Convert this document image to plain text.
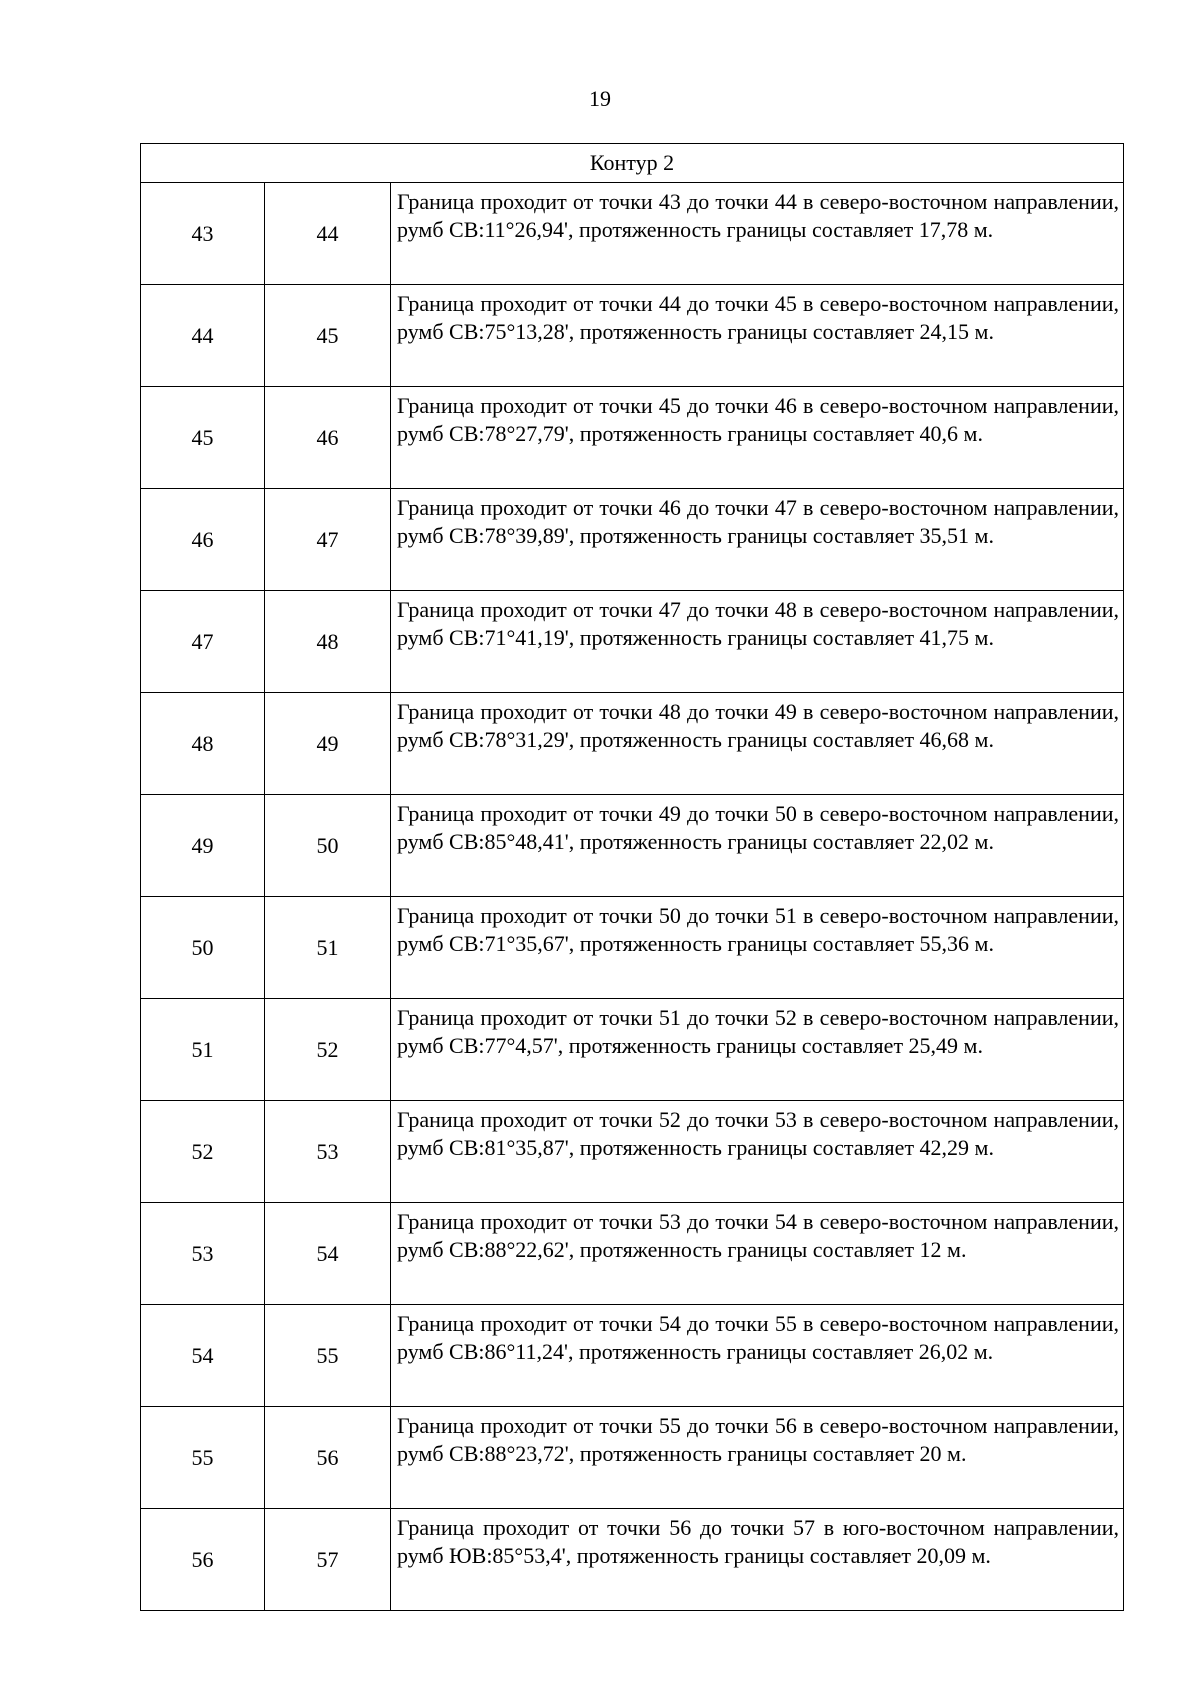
19
Контур 2		
43	44	Граница проходит от точки 43 до точки 44 в северо-восточном направлении, румб СВ:11°26,94', протяженность границы составляет 17,78 м.
44	45	Граница проходит от точки 44 до точки 45 в северо-восточном направлении, румб СВ:75°13,28', протяженность границы составляет 24,15 м.
45	46	Граница проходит от точки 45 до точки 46 в северо-восточном направлении, румб СВ:78°27,79', протяженность границы составляет 40,6 м.
46	47	Граница проходит от точки 46 до точки 47 в северо-восточном направлении, румб СВ:78°39,89', протяженность границы составляет 35,51 м.
47	48	Граница проходит от точки 47 до точки 48 в северо-восточном направлении, румб СВ:71°41,19', протяженность границы составляет 41,75 м.
48	49	Граница проходит от точки 48 до точки 49 в северо-восточном направлении, румб СВ:78°31,29', протяженность границы составляет 46,68 м.
49	50	Граница проходит от точки 49 до точки 50 в северо-восточном направлении, румб СВ:85°48,41', протяженность границы составляет 22,02 м.
50	51	Граница проходит от точки 50 до точки 51 в северо-восточном направлении, румб СВ:71°35,67', протяженность границы составляет 55,36 м.
51	52	Граница проходит от точки 51 до точки 52 в северо-восточном направлении, румб СВ:77°4,57', протяженность границы составляет 25,49 м.
52	53	Граница проходит от точки 52 до точки 53 в северо-восточном направлении, румб СВ:81°35,87', протяженность границы составляет 42,29 м.
53	54	Граница проходит от точки 53 до точки 54 в северо-восточном направлении, румб СВ:88°22,62', протяженность границы составляет 12 м.
54	55	Граница проходит от точки 54 до точки 55 в северо-восточном направлении, румб СВ:86°11,24', протяженность границы составляет 26,02 м.
55	56	Граница проходит от точки 55 до точки 56 в северо-восточном направлении, румб СВ:88°23,72', протяженность границы составляет 20 м.
56	57	Граница проходит от точки 56 до точки 57 в юго-восточном направлении, румб ЮВ:85°53,4', протяженность границы составляет 20,09 м.
